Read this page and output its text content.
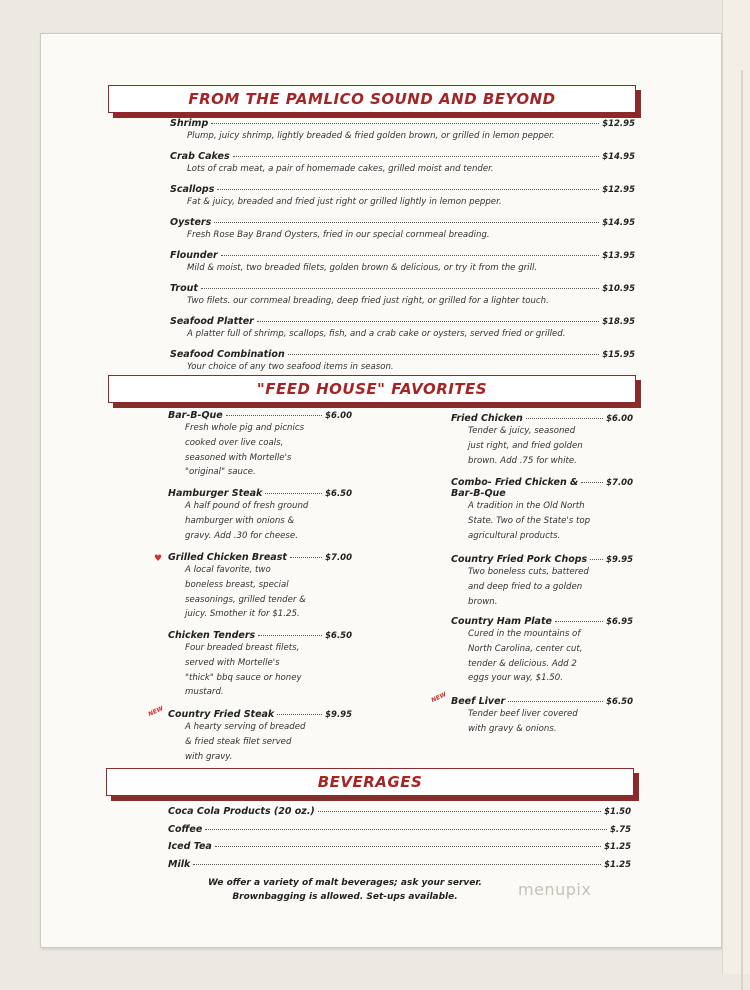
FROM THE PAMLICO SOUND AND BEYOND
"FEED HOUSE" FAVORITES
BEVERAGES
Shrimp	$12.95
Plump, juicy shrimp, lightly breaded & fried golden brown, or grilled in lemon pepper.
Crab Cakes	$14.95
Lots of crab meat, a pair of homemade cakes, grilled moist and tender.
Scallops	$12.95
Fat & juicy, breaded and fried just right or grilled lightly in lemon pepper.
Oysters	$14.95
Fresh Rose Bay Brand Oysters, fried in our special cornmeal breading.
Flounder	$13.95
Mild & moist, two breaded filets, golden brown & delicious, or try it from the grill.
Trout	$10.95
Two filets. our cornmeal breading, deep fried just right, or grilled for a lighter touch.
Seafood Platter	$18.95
A platter full of shrimp, scallops, fish, and a crab cake or oysters, served fried or grilled.
Seafood Combination	$15.95
Your choice of any two seafood items in season.
Bar-B-Que	$6.00
Fresh whole pig and picnics
cooked over live coals,
seasoned with Mortelle's
"original" sauce.
Hamburger Steak	$6.50
A half pound of fresh ground
hamburger with onions &
gravy. Add .30 for cheese.
Grilled Chicken Breast	$7.00
A local favorite, two
boneless breast, special
seasonings, grilled tender &
juicy. Smother it for $1.25.
Chicken Tenders	$6.50
Four breaded breast filets,
served with Mortelle's
"thick" bbq sauce or honey
mustard.
Country Fried Steak	$9.95
A hearty serving of breaded
& fried steak filet served
with gravy.
Fried Chicken	$6.00
Tender & juicy, seasoned
just right, and fried golden
brown. Add .75 for white.
Combo- Fried Chicken &	$7.00
Bar-B-Que
A tradition in the Old North
State. Two of the State's top
agricultural products.
Country Fried Pork Chops $9.95
Two boneless cuts, battered
and deep fried to a golden
brown.
Country Ham Plate	$6.95
Cured in the mountains of
North Carolina, center cut,
tender & delicious. Add 2
eggs your way, $1.50.
Beef Liver	$6.50
Tender beef liver covered
with gravy & onions.
♥
NEW
NEW
Coca Cola Products (20 oz.)	$1.50
Coffee	$.75
Iced Tea	$1.25
Milk	$1.25
We offer a variety of malt beverages; ask your server.
Brownbagging is allowed. Set-ups available.	menupix
